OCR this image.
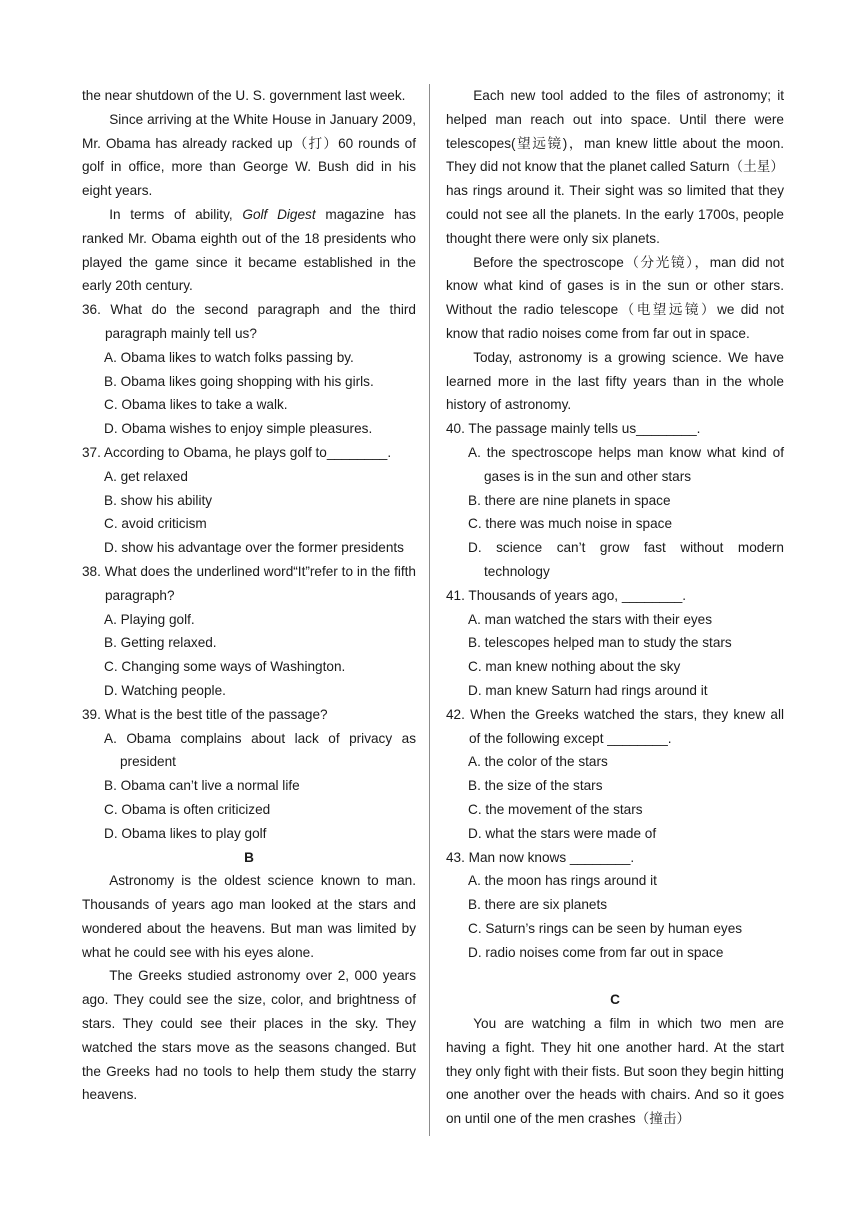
the near shutdown of the U. S. government last week.
Since arriving at the White House in January 2009, Mr. Obama has already racked up（打）60 rounds of golf in office, more than George W. Bush did in his eight years.
In terms of ability, Golf Digest magazine has ranked Mr. Obama eighth out of the 18 presidents who played the game since it became established in the early 20th century.
36. What do the second paragraph and the third paragraph mainly tell us?
A. Obama likes to watch folks passing by.
B. Obama likes going shopping with his girls.
C. Obama likes to take a walk.
D. Obama wishes to enjoy simple pleasures.
37. According to Obama, he plays golf to________.
A. get relaxed
B. show his ability
C. avoid criticism
D. show his advantage over the former presidents
38. What does the underlined word“It”refer to in the fifth paragraph?
A. Playing golf.
B. Getting relaxed.
C. Changing some ways of Washington.
D. Watching people.
39. What is the best title of the passage?
A. Obama complains about lack of privacy as president
B. Obama can’t live a normal life
C. Obama is often criticized
D. Obama likes to play golf
B
Astronomy is the oldest science known to man. Thousands of years ago man looked at the stars and wondered about the heavens. But man was limited by what he could see with his eyes alone.
The Greeks studied astronomy over 2, 000 years ago. They could see the size, color, and brightness of stars. They could see their places in the sky. They watched the stars move as the seasons changed. But the Greeks had no tools to help them study the starry heavens.
Each new tool added to the files of astronomy; it helped man reach out into space. Until there were telescopes(望远镜)，man knew little about the moon. They did not know that the planet called Saturn（土星）has rings around it. Their sight was so limited that they could not see all the planets. In the early 1700s, people thought there were only six planets.
Before the spectroscope（分光镜），man did not know what kind of gases is in the sun or other stars. Without the radio telescope（电望远镜）we did not know that radio noises come from far out in space.
Today, astronomy is a growing science. We have learned more in the last fifty years than in the whole history of astronomy.
40. The passage mainly tells us________.
A. the spectroscope helps man know what kind of gases is in the sun and other stars
B. there are nine planets in space
C. there was much noise in space
D. science can’t grow fast without modern technology
41. Thousands of years ago, ________.
A. man watched the stars with their eyes
B. telescopes helped man to study the stars
C. man knew nothing about the sky
D. man knew Saturn had rings around it
42. When the Greeks watched the stars, they knew all of the following except ________.
A. the color of the stars
B. the size of the stars
C. the movement of the stars
D. what the stars were made of
43. Man now knows ________.
A. the moon has rings around it
B. there are six planets
C. Saturn’s rings can be seen by human eyes
D. radio noises come from far out in space
C
You are watching a film in which two men are having a fight. They hit one another hard. At the start they only fight with their fists. But soon they begin hitting one another over the heads with chairs. And so it goes on until one of the men crashes（撞击）
